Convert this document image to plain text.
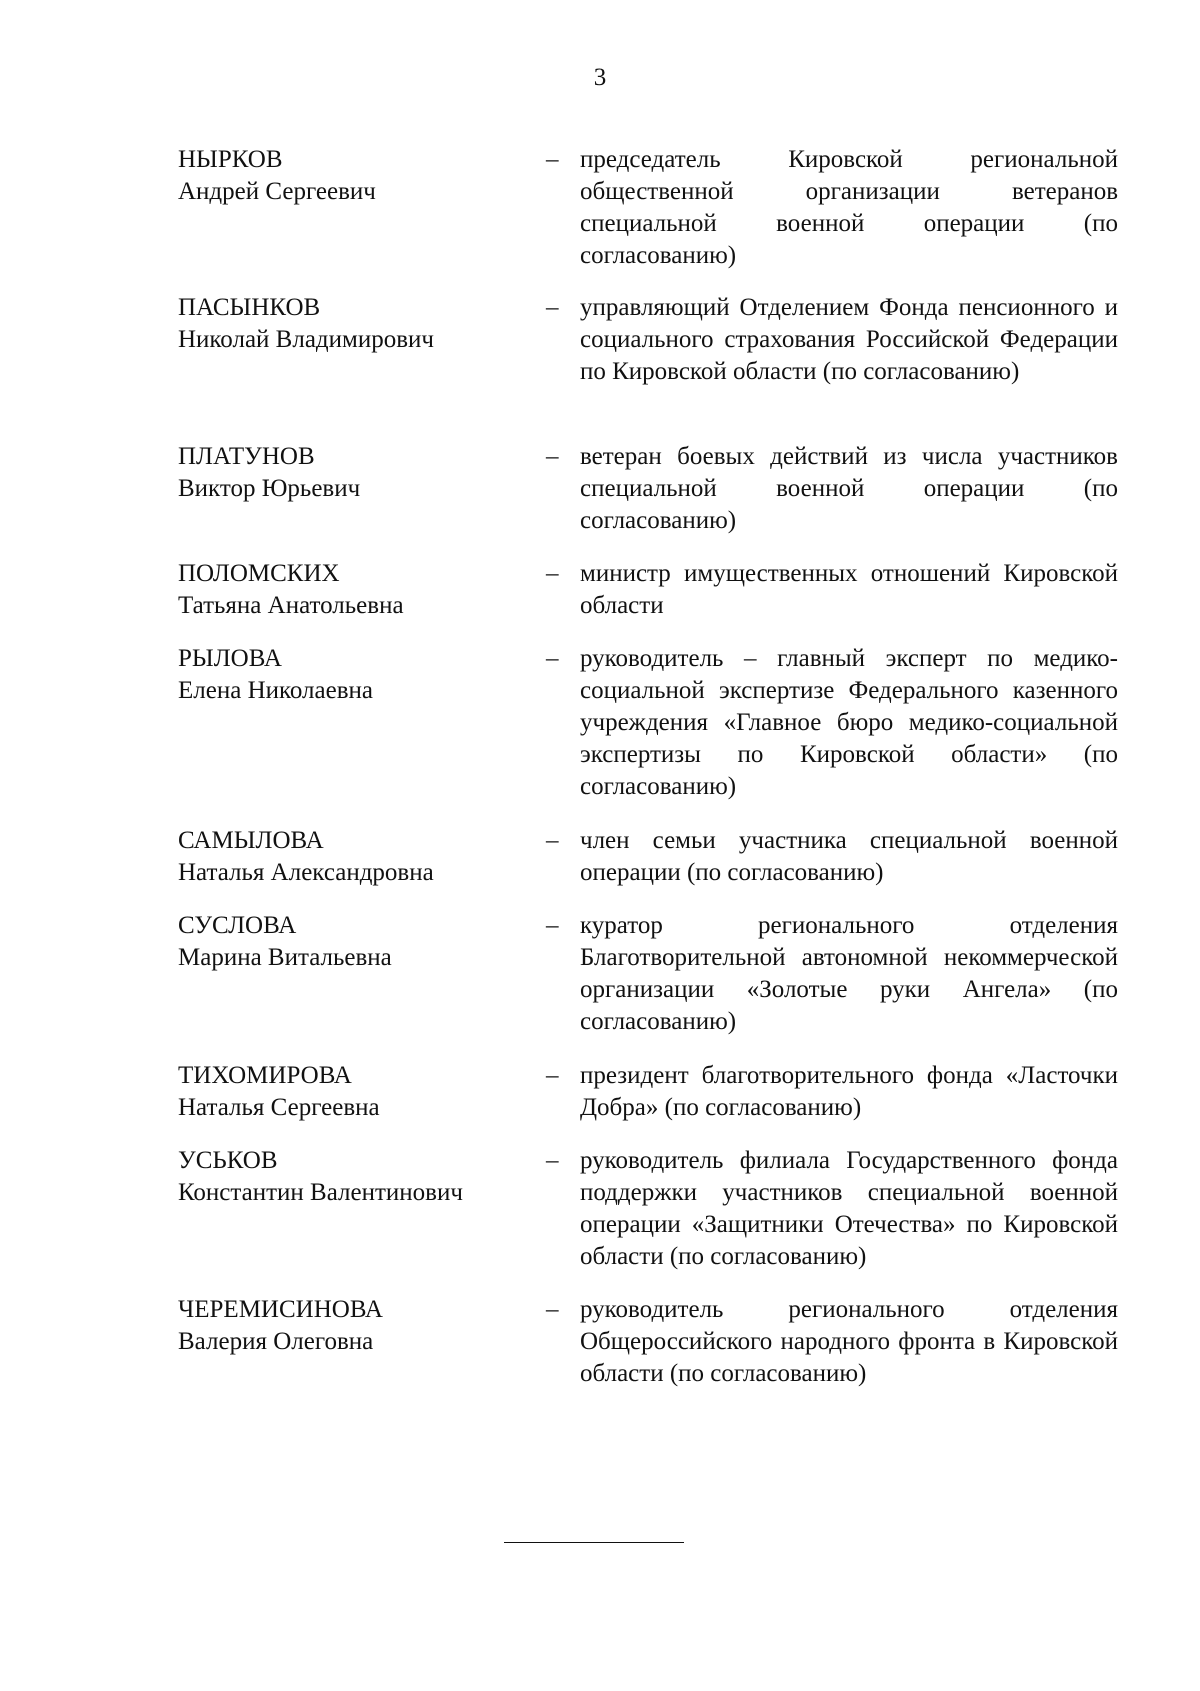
3
НЫРКОВ
Андрей Сергеевич
– председатель Кировской региональной общественной организации ветеранов специальной военной операции (по согласованию)

ПАСЫНКОВ
Николай Владимирович
– управляющий Отделением Фонда пенсионного и социального страхования Российской Федерации по Кировской области (по согласованию)

ПЛАТУНОВ
Виктор Юрьевич
– ветеран боевых действий из числа участников специальной военной операции (по согласованию)

ПОЛОМСКИХ
Татьяна Анатольевна
– министр имущественных отношений Кировской области

РЫЛОВА
Елена Николаевна
– руководитель – главный эксперт по медико-социальной экспертизе Федерального казенного учреждения «Главное бюро медико-социальной экспертизы по Кировской области» (по согласованию)

САМЫЛОВА
Наталья Александровна
– член семьи участника специальной военной операции (по согласованию)

СУСЛОВА
Марина Витальевна
– куратор регионального отделения Благотворительной автономной некоммерческой организации «Золотые руки Ангела» (по согласованию)

ТИХОМИРОВА
Наталья Сергеевна
– президент благотворительного фонда «Ласточки Добра» (по согласованию)

УСЬКОВ
Константин Валентинович
– руководитель филиала Государственного фонда поддержки участников специальной военной операции «Защитники Отечества» по Кировской области (по согласованию)

ЧЕРЕМИСИНОВА
Валерия Олеговна
– руководитель регионального отделения Общероссийского народного фронта в Кировской области (по согласованию)
